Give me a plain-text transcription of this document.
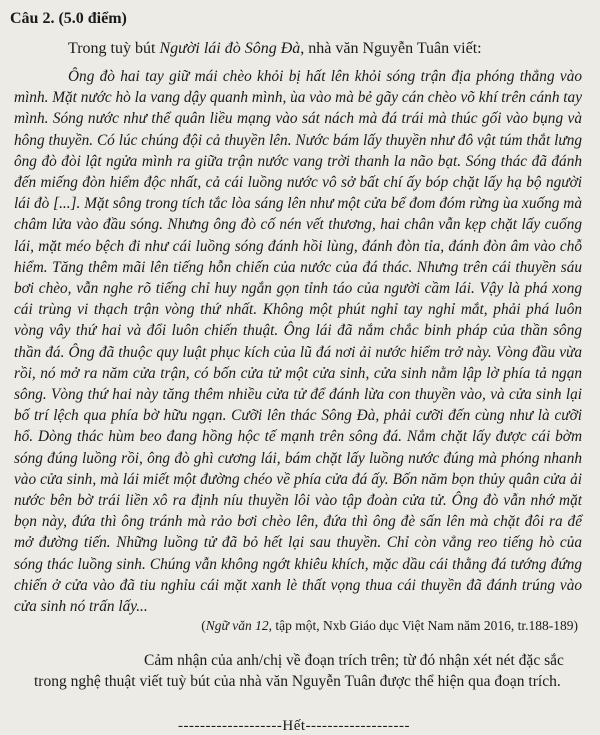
Câu 2. (5.0 điểm)
Trong tuỳ bút Người lái đò Sông Đà, nhà văn Nguyễn Tuân viết:
Ông đò hai tay giữ mái chèo khỏi bị hất lên khỏi sóng trận địa phóng thẳng vào mình. Mặt nước hò la vang dậy quanh mình, ùa vào mà bẻ gãy cán chèo võ khí trên cánh tay mình. Sóng nước như thể quân liều mạng vào sát nách mà đá trái mà thúc gối vào bụng và hông thuyền. Có lúc chúng đội cả thuyền lên. Nước bám lấy thuyền như đô vật túm thắt lưng ông đò đòi lật ngửa mình ra giữa trận nước vang trời thanh la não bạt. Sóng thác đã đánh đến miếng đòn hiểm độc nhất, cả cái luồng nước vô sở bất chí ấy bóp chặt lấy hạ bộ người lái đò [...]. Mặt sông trong tích tắc lòa sáng lên như một cửa bể đom đóm rừng ùa xuống mà châm lửa vào đầu sóng. Nhưng ông đò cố nén vết thương, hai chân vẫn kẹp chặt lấy cuống lái, mặt méo bệch đi như cái luồng sóng đánh hồi lùng, đánh đòn tỉa, đánh đòn âm vào chỗ hiểm. Tăng thêm mãi lên tiếng hỗn chiến của nước của đá thác. Nhưng trên cái thuyền sáu bơi chèo, vẫn nghe rõ tiếng chỉ huy ngắn gọn tỉnh táo của người cầm lái. Vậy là phá xong cái trùng vi thạch trận vòng thứ nhất. Không một phút nghỉ tay nghỉ mắt, phải phá luôn vòng vây thứ hai và đổi luôn chiến thuật. Ông lái đã nắm chắc binh pháp của thần sông thần đá. Ông đã thuộc quy luật phục kích của lũ đá nơi ải nước hiểm trở này. Vòng đầu vừa rồi, nó mở ra năm cửa trận, có bốn cửa tử một cửa sinh, cửa sinh nằm lập lờ phía tả ngạn sông. Vòng thứ hai này tăng thêm nhiều cửa tử để đánh lừa con thuyền vào, và cửa sinh lại bố trí lệch qua phía bờ hữu ngạn. Cưỡi lên thác Sông Đà, phải cưỡi đến cùng như là cưỡi hổ. Dòng thác hùm beo đang hồng hộc tế mạnh trên sông đá. Nắm chặt lấy được cái bờm sóng đúng luồng rồi, ông đò ghì cương lái, bám chặt lấy luồng nước đúng mà phóng nhanh vào cửa sinh, mà lái miết một đường chéo về phía cửa đá ấy. Bốn năm bọn thủy quân cửa ải nước bên bờ trái liền xô ra định níu thuyền lôi vào tập đoàn cửa tử. Ông đò vẫn nhớ mặt bọn này, đứa thì ông tránh mà rảo bơi chèo lên, đứa thì ông đè sấn lên mà chặt đôi ra để mở đường tiến. Những luồng tử đã bỏ hết lại sau thuyền. Chỉ còn vẳng reo tiếng hò của sóng thác luồng sinh. Chúng vẫn không ngớt khiêu khích, mặc dầu cái thằng đá tướng đứng chiến ở cửa vào đã tiu nghỉu cái mặt xanh lè thất vọng thua cái thuyền đã đánh trúng vào cửa sinh nó trấn lấy...
(Ngữ văn 12, tập một, Nxb Giáo dục Việt Nam năm 2016, tr.188-189)
Cảm nhận của anh/chị về đoạn trích trên; từ đó nhận xét nét đặc sắc trong nghệ thuật viết tuỳ bút của nhà văn Nguyễn Tuân được thể hiện qua đoạn trích.
-------------------Hết-------------------
